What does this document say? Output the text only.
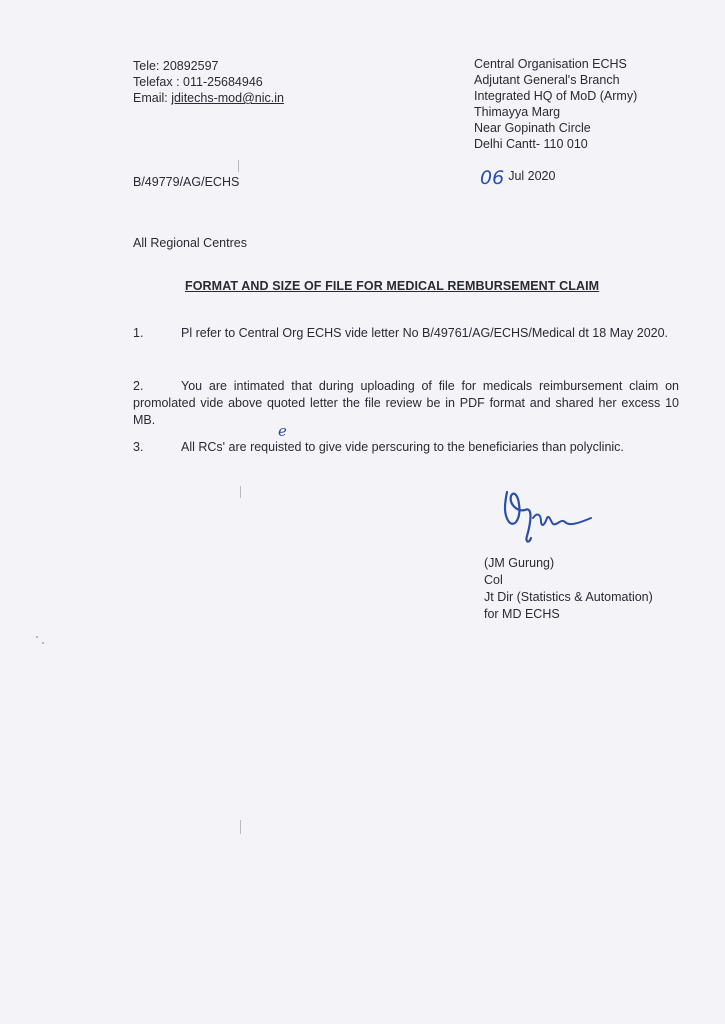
Tele: 20892597
Telefax : 011-25684946
Email: jditechs-mod@nic.in
Central Organisation ECHS
Adjutant General's Branch
Integrated HQ of MoD (Army)
Thimayya Marg
Near Gopinath Circle
Delhi Cantt- 110 010
B/49779/AG/ECHS	06 Jul 2020
All Regional Centres
FORMAT AND SIZE OF FILE FOR MEDICAL REMBURSEMENT CLAIM
1.	Pl refer to Central Org ECHS vide letter No B/49761/AG/ECHS/Medical dt 18 May 2020.
2.	You are intimated that during uploading of file for medicals reimbursement claim on promolated vide above quoted letter the file review be in PDF format and shared her excess 10 MB.
3.	All RCs' are requisted to give vide perscuring to the beneficiaries than polyclinic.
e
(JM Gurung)
Col
Jt Dir (Statistics & Automation)
for MD ECHS
